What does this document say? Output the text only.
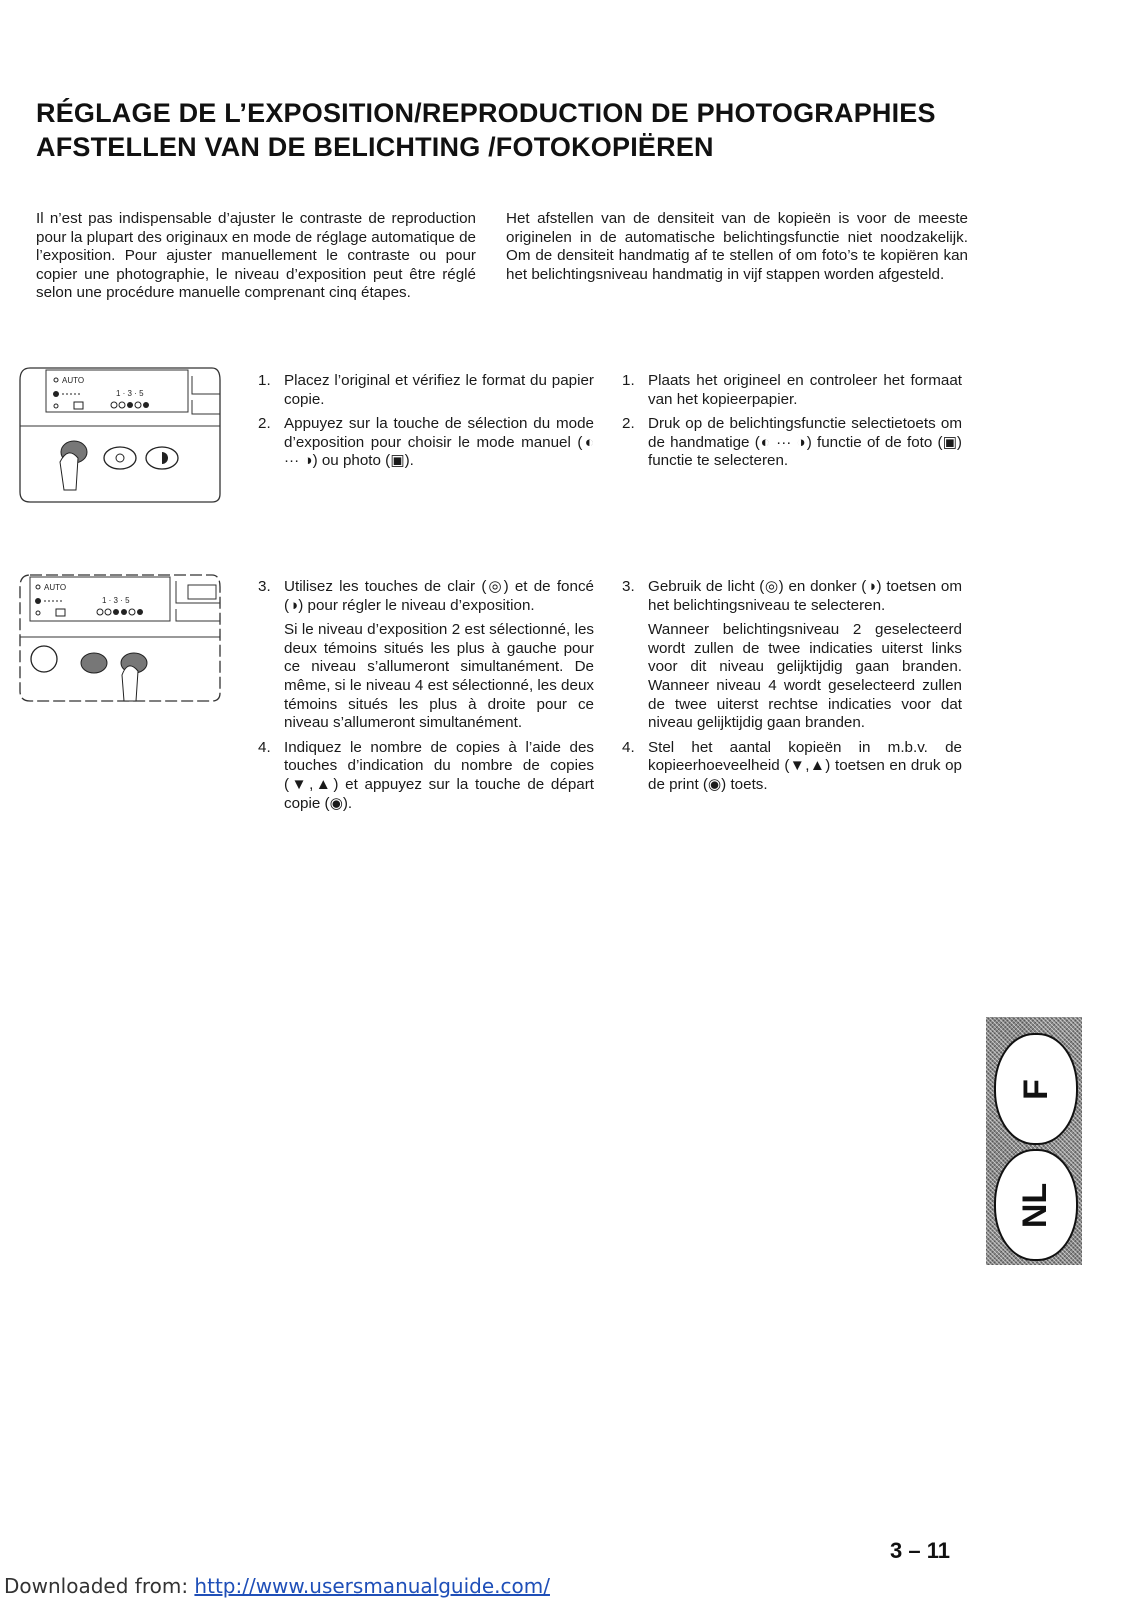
RÉGLAGE DE L’EXPOSITION/REPRODUCTION DE PHOTOGRAPHIES
AFSTELLEN VAN DE BELICHTING /FOTOKOPIËREN
Il n’est pas indispensable d’ajuster le contraste de reproduction pour la plupart des originaux en mode de réglage automatique de l’exposition. Pour ajuster manuellement le contraste ou pour copier une photographie, le niveau d’exposition peut être réglé selon une procédure manuelle comprenant cinq étapes.
Het afstellen van de densiteit van de kopieën is voor de meeste originelen in de automatische belichtingsfunctie niet noodzakelijk. Om de densiteit handmatig af te stellen of om foto’s te kopiëren kan het belichtingsniveau handmatig in vijf stappen worden afgesteld.
AUTO
1 · 3 · 5
AUTO
1 · 3 · 5
1. Placez l’original et vérifiez le format du papier copie.
2. Appuyez sur la touche de sélection du mode d’exposition pour choisir le mode manuel (◐ ··· ◑) ou photo (▣).
1. Plaats het origineel en controleer het formaat van het kopieerpapier.
2. Druk op de belichtingsfunctie selectietoets om de handmatige (◐ ··· ◑) functie of de foto (▣) functie te selecteren.
3. Utilisez les touches de clair (◎) et de foncé (◑) pour régler le niveau d’exposition.

Si le niveau d’exposition 2 est sélectionné, les deux témoins situés les plus à gauche pour ce niveau s’allumeront simultanément. De même, si le niveau 4 est sélectionné, les deux témoins situés les plus à droite pour ce niveau s’allumeront simultanément.

4. Indiquez le nombre de copies à l’aide des touches d’indication du nombre de copies (▼,▲) et appuyez sur la touche de départ copie (◉).
3. Gebruik de licht (◎) en donker (◑) toetsen om het belichtingsniveau te selecteren.

Wanneer belichtingsniveau 2 geselecteerd wordt zullen de twee indicaties uiterst links voor dit niveau gelijktijdig gaan branden. Wanneer niveau 4 wordt geselecteerd zullen de twee uiterst rechtse indicaties voor dat niveau gelijktijdig gaan branden.

4. Stel het aantal kopieën in m.b.v. de kopieerhoeveelheid (▼,▲) toetsen en druk op de print (◉) toets.
F
NL
3 – 11
Downloaded from: http://www.usersmanualguide.com/
